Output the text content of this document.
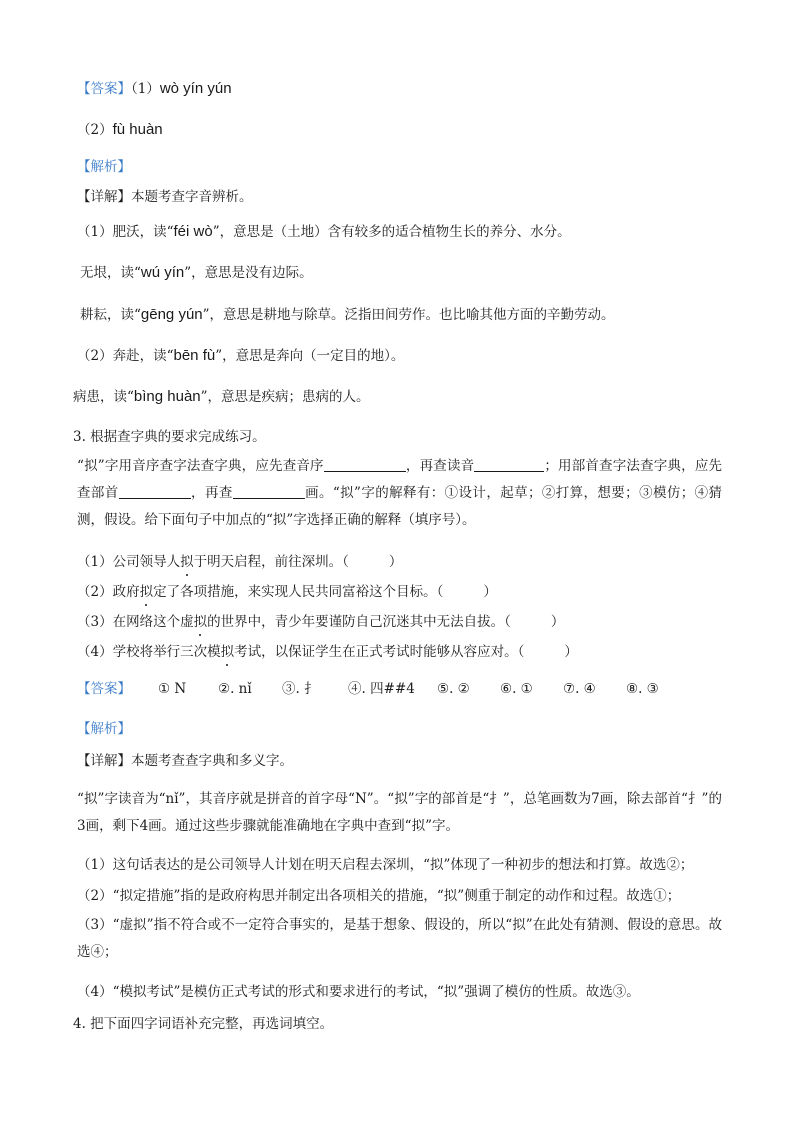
【答案】（1）wò yín yún
（2）fù huàn
【解析】
【详解】本题考查字音辨析。
（1）肥沃，读“féi wò”，意思是（土地）含有较多的适合植物生长的养分、水分。
无垠，读“wú yín”，意思是没有边际。
耕耘，读“gēng yún”，意思是耕地与除草。泛指田间劳作。也比喻其他方面的辛勤劳动。
（2）奔赴，读“bēn fù”，意思是奔向（一定目的地）。
病患，读“bìng huàn”，意思是疾病；患病的人。
3. 根据查字典的要求完成练习。
“拟”字用音序查字法查字典，应先查音序	，再查读音	；用部首查字法查字典，应先查部首	，再查	画。“拟”字的解释有：①设计，起草；②打算，想要；③模仿；④猜测，假设。给下面句子中加点的“拟”字选择正确的解释（填序号）。
（1）公司领导人拟于明天启程，前往深圳。（	）
（2）政府拟定了各项措施，来实现人民共同富裕这个目标。（	）
（3）在网络这个虚拟的世界中，青少年要谨防自己沉迷其中无法自拔。（	）
（4）学校将举行三次模拟考试，以保证学生在正式考试时能够从容应对。（	）
【答案】 ① N ②. nǐ ③. 扌 ④. 四##4 ⑤. ② ⑥. ① ⑦. ④ ⑧. ③
【解析】
【详解】本题考查查字典和多义字。
“拟”字读音为“nǐ”，其音序就是拼音的首字母“N”。“拟”字的部首是“扌”，总笔画数为7画，除去部首“扌”的3画，剩下4画。通过这些步骤就能准确地在字典中查到“拟”字。
（1）这句话表达的是公司领导人计划在明天启程去深圳，“拟”体现了一种初步的想法和打算。故选②；
（2）“拟定措施”指的是政府构思并制定出各项相关的措施，“拟”侧重于制定的动作和过程。故选①；
（3）“虚拟”指不符合或不一定符合事实的，是基于想象、假设的，所以“拟”在此处有猜测、假设的意思。故选④；
（4）“模拟考试”是模仿正式考试的形式和要求进行的考试，“拟”强调了模仿的性质。故选③。
4. 把下面四字词语补充完整，再选词填空。
